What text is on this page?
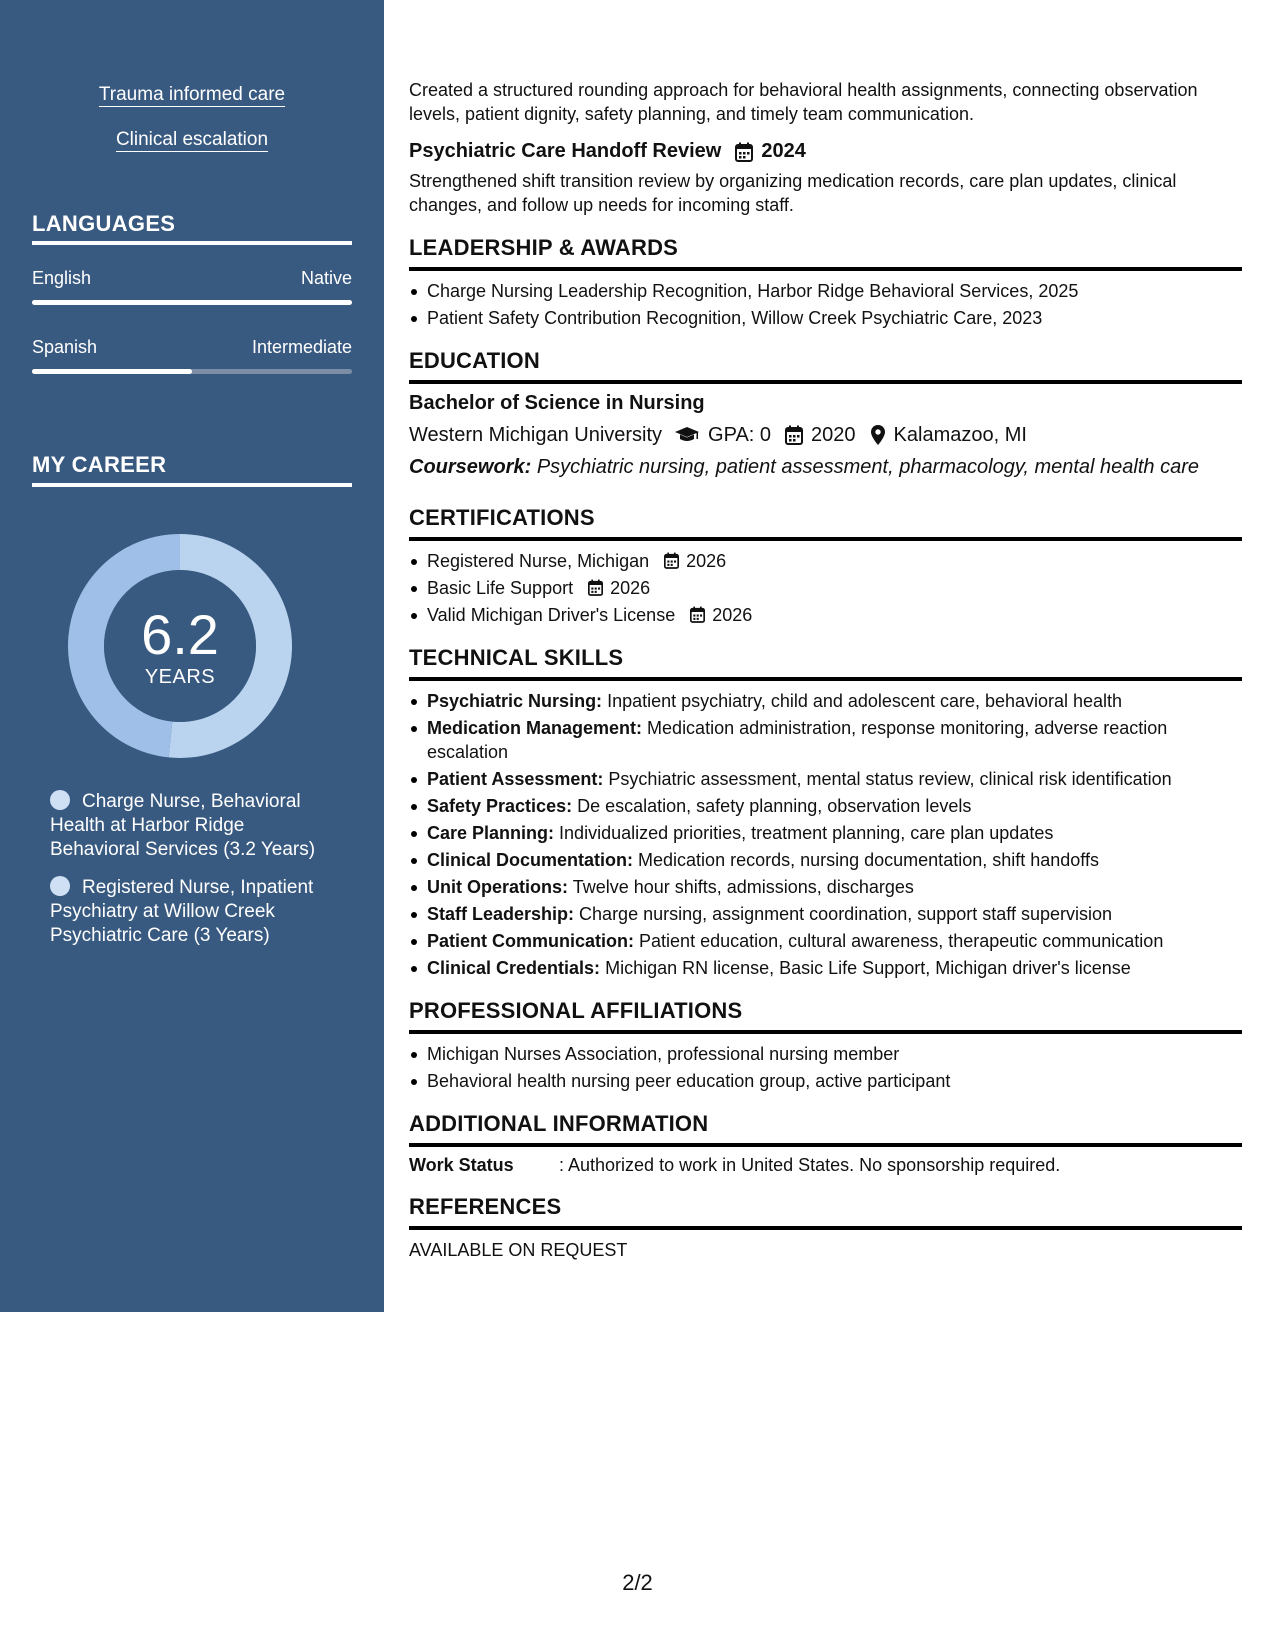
Trauma informed care
Clinical escalation
LANGUAGES
English	Native
Spanish	Intermediate
MY CAREER
6.2
YEARS
Charge Nurse, Behavioral Health at Harbor Ridge Behavioral Services (3.2 Years)
Registered Nurse, Inpatient Psychiatry at Willow Creek Psychiatric Care (3 Years)

Created a structured rounding approach for behavioral health assignments, connecting observation levels, patient dignity, safety planning, and timely team communication.

Psychiatric Care Handoff Review 2024

Strengthened shift transition review by organizing medication records, care plan updates, clinical changes, and follow up needs for incoming staff.

LEADERSHIP & AWARDS
Charge Nursing Leadership Recognition, Harbor Ridge Behavioral Services, 2025
Patient Safety Contribution Recognition, Willow Creek Psychiatric Care, 2023
EDUCATION
Bachelor of Science in Nursing
Western Michigan University GPA: 0 2020 Kalamazoo, MI
Coursework: Psychiatric nursing, patient assessment, pharmacology, mental health care
CERTIFICATIONS
Registered Nurse, Michigan 2026
Basic Life Support 2026
Valid Michigan Driver's License 2026
TECHNICAL SKILLS
Psychiatric Nursing: Inpatient psychiatry, child and adolescent care, behavioral health
Medication Management: Medication administration, response monitoring, adverse reaction escalation
Patient Assessment: Psychiatric assessment, mental status review, clinical risk identification
Safety Practices: De escalation, safety planning, observation levels
Care Planning: Individualized priorities, treatment planning, care plan updates
Clinical Documentation: Medication records, nursing documentation, shift handoffs
Unit Operations: Twelve hour shifts, admissions, discharges
Staff Leadership: Charge nursing, assignment coordination, support staff supervision
Patient Communication: Patient education, cultural awareness, therapeutic communication
Clinical Credentials: Michigan RN license, Basic Life Support, Michigan driver's license
PROFESSIONAL AFFILIATIONS
Michigan Nurses Association, professional nursing member
Behavioral health nursing peer education group, active participant
ADDITIONAL INFORMATION
Work Status	: Authorized to work in United States. No sponsorship required.
REFERENCES
AVAILABLE ON REQUEST
2/2
